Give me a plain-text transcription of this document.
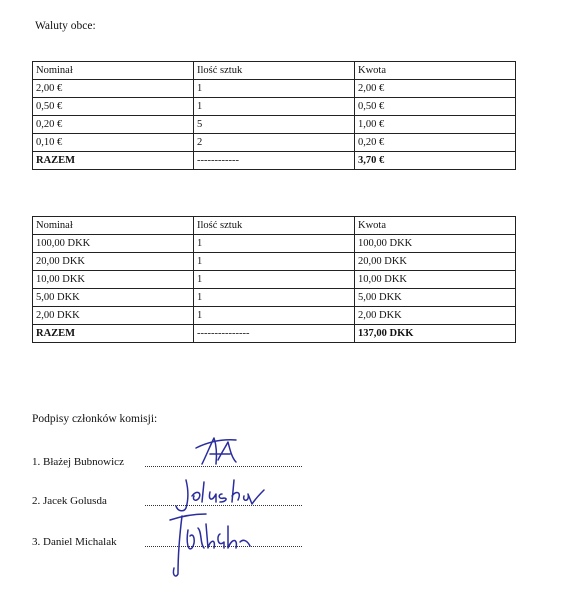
Waluty obce:
Nominał	Ilość sztuk	Kwota
2,00 €	1	2,00 €
0,50 €	1	0,50 €
0,20 €	5	1,00 €
0,10 €	2	0,20 €
RAZEM	------------	3,70 €
Nominał	Ilość sztuk	Kwota
100,00 DKK	1	100,00 DKK
20,00 DKK	1	20,00 DKK
10,00 DKK	1	10,00 DKK
5,00 DKK	1	5,00 DKK
2,00 DKK	1	2,00 DKK
RAZEM	---------------	137,00 DKK
Podpisy członków komisji:
1. Błażej Bubnowicz
2. Jacek Golusda
3. Daniel Michalak
